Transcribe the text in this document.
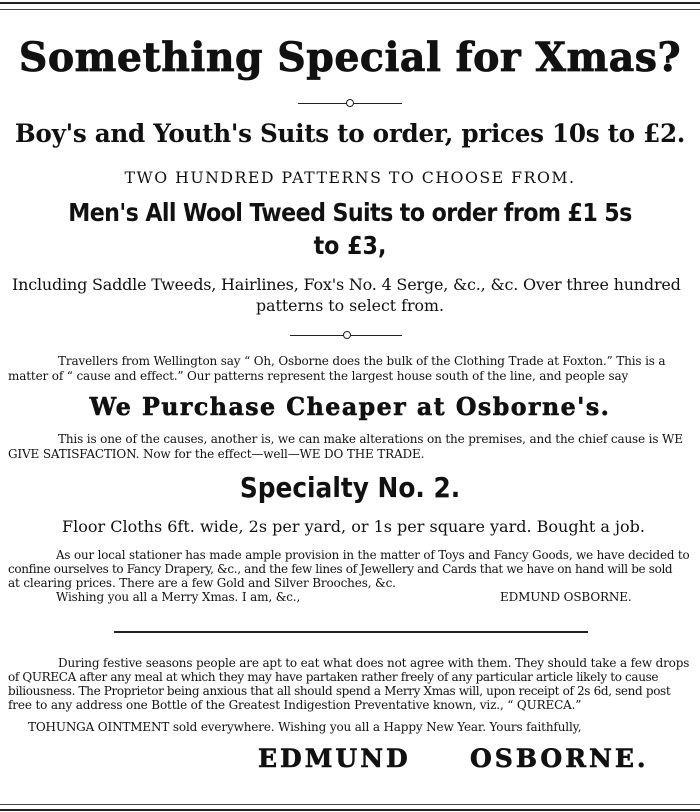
Something Special for Xmas?
Boy's and Youth's Suits to order, prices 10s to £2.
TWO HUNDRED PATTERNS TO CHOOSE FROM.
Men's All Wool Tweed Suits to order from £1 5s
to £3,
Including Saddle Tweeds, Hairlines, Fox's No. 4 Serge, &c., &c. Over three hundred
patterns to select from.
Travellers from Wellington say “ Oh, Osborne does the bulk of the Clothing Trade at Foxton.” This is a
matter of “ cause and effect.” Our patterns represent the largest house south of the line, and people say
We Purchase Cheaper at Osborne's.
This is one of the causes, another is, we can make alterations on the premises, and the chief cause is WE
GIVE SATISFACTION. Now for the effect—well—WE DO THE TRADE.
Specialty No. 2.
Floor Cloths 6ft. wide, 2s per yard, or 1s per square yard. Bought a job.
As our local stationer has made ample provision in the matter of Toys and Fancy Goods, we have decided to
confine ourselves to Fancy Drapery, &c., and the few lines of Jewellery and Cards that we have on hand will be sold
at clearing prices. There are a few Gold and Silver Brooches, &c.
Wishing you all a Merry Xmas. I am, &c.,	EDMUND OSBORNE.
During festive seasons people are apt to eat what does not agree with them. They should take a few drops
of QURECA after any meal at which they may have partaken rather freely of any particular article likely to cause
biliousness. The Proprietor being anxious that all should spend a Merry Xmas will, upon receipt of 2s 6d, send post
free to any address one Bottle of the Greatest Indigestion Preventative known, viz., “ QURECA.”
TOHUNGA OINTMENT sold everywhere. Wishing you all a Happy New Year. Yours faithfully,
EDMUND OSBORNE.
